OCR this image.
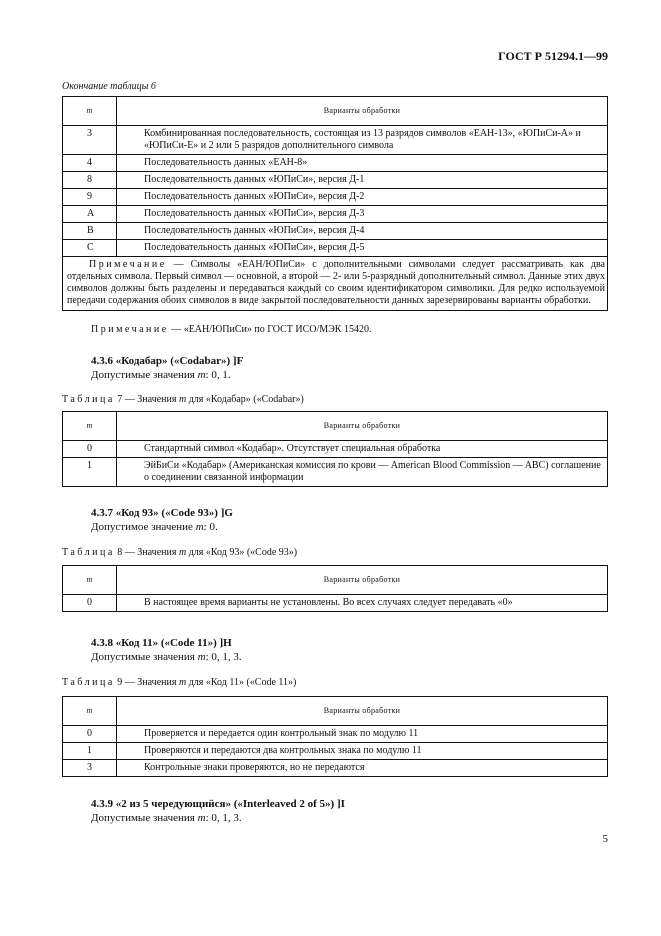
ГОСТ Р 51294.1—99
Окончание таблицы 6
m	Варианты обработки
3	Комбинированная последовательность, состоящая из 13 разрядов символов «ЕАН-13», «ЮПиСи-А» и «ЮПиСи-Е» и 2 или 5 разрядов дополнительного символа
4	Последовательность данных «ЕАН-8»
8	Последовательность данных «ЮПиСи», версия Д-1
9	Последовательность данных «ЮПиСи», версия Д-2
A	Последовательность данных «ЮПиСи», версия Д-3
B	Последовательность данных «ЮПиСи», версия Д-4
C	Последовательность данных «ЮПиСи», версия Д-5
Примечание — Символы «ЕАН/ЮПиСи» с дополнительными символами следует рассматривать как два отдельных символа. Первый символ — основной, а второй — 2- или 5-разрядный дополнительный символ. Данные этих двух символов должны быть разделены и передаваться каждый со своим идентификатором символики. Для редко используемой передачи содержания обоих символов в виде закрытой последовательности данных зарезервированы варианты обработки.	
Примечание — «ЕАН/ЮПиСи» по ГОСТ ИСО/МЭК 15420.
4.3.6 «Кодабар» («Codabar») ]F
Допустимые значения m: 0, 1.
Таблица 7 — Значения m для «Кодабар» («Codabar»)
m	Варианты обработки
0	Стандартный символ «Кодабар». Отсутствует специальная обработка
1	ЭйБиСи «Кодабар» (Американская комиссия по крови — American Blood Commission — ABC) соглашение о соединении связанной информации
4.3.7 «Код 93» («Code 93») ]G
Допустимое значение m: 0.
Таблица 8 — Значения m для «Код 93» («Code 93»)
m	Варианты обработки
0	В настоящее время варианты не установлены. Во всех случаях следует передавать «0»
4.3.8 «Код 11» («Code 11») ]H
Допустимые значения m: 0, 1, 3.
Таблица 9 — Значения m для «Код 11» («Code 11»)
m	Варианты обработки
0	Проверяется и передается один контрольный знак по модулю 11
1	Проверяются и передаются два контрольных знака по модулю 11
3	Контрольные знаки проверяются, но не передаются
4.3.9 «2 из 5 чередующийся» («Interleaved 2 of 5») ]I
Допустимые значения m: 0, 1, 3.
5
